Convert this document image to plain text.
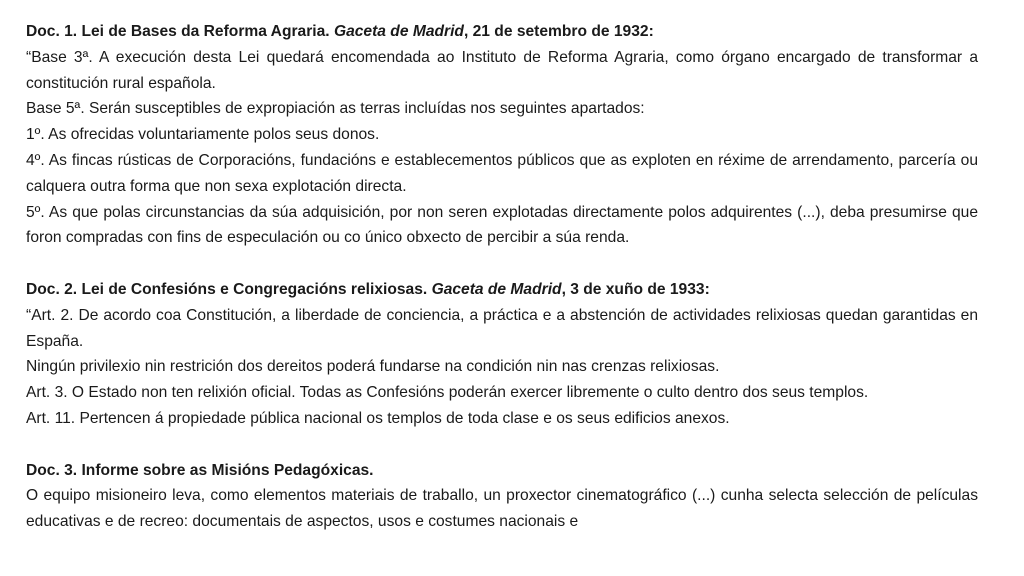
Doc. 1. Lei de Bases da Reforma Agraria. Gaceta de Madrid, 21 de setembro de 1932:

“Base 3ª. A execución desta Lei quedará encomendada ao Instituto de Reforma Agraria, como órgano encargado de transformar a constitución rural española.

Base 5ª. Serán susceptibles de expropiación as terras incluídas nos seguintes apartados:

1º. As ofrecidas voluntariamente polos seus donos.

4º. As fincas rústicas de Corporacións, fundacións e establecementos públicos que as exploten en réxime de arrendamento, parcería ou calquera outra forma que non sexa explotación directa.

5º. As que polas circunstancias da súa adquisición, por non seren explotadas directamente polos adquirentes (...), deba presumirse que foron compradas con fins de especulación ou co único obxecto de percibir a súa renda.

Doc. 2. Lei de Confesións e Congregacións relixiosas. Gaceta de Madrid, 3 de xuño de 1933:

“Art. 2. De acordo coa Constitución, a liberdade de conciencia, a práctica e a abstención de actividades relixiosas quedan garantidas en España.

Ningún privilexio nin restrición dos dereitos poderá fundarse na condición nin nas crenzas relixiosas.

Art. 3. O Estado non ten relixión oficial. Todas as Confesións poderán exercer libremente o culto dentro dos seus templos.

Art. 11. Pertencen á propiedade pública nacional os templos de toda clase e os seus edificios anexos.

Doc. 3. Informe sobre as Misións Pedagóxicas.

O equipo misioneiro leva, como elementos materiais de traballo, un proxector cinematográfico (...) cunha selecta selección de películas educativas e de recreo: documentais de aspectos, usos e costumes nacionais e
